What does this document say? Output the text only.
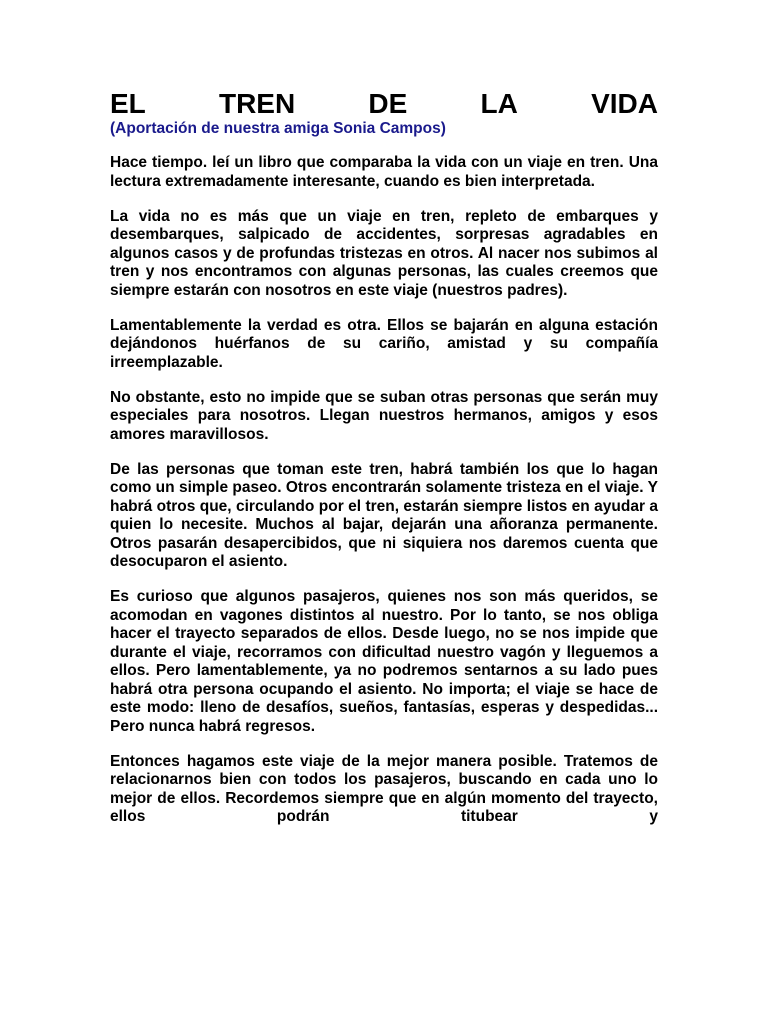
EL	TREN	DE	LA	VIDA

(Aportación de nuestra amiga Sonia Campos)

Hace tiempo. leí un libro que comparaba la vida con un viaje en tren. Una lectura extremadamente interesante, cuando es bien interpretada.

La vida no es más que un viaje en tren, repleto de embarques y desembarques, salpicado de accidentes, sorpresas agradables en algunos casos y de profundas tristezas en otros. Al nacer nos subimos al tren y nos encontramos con algunas personas, las cuales creemos que siempre estarán con nosotros en este viaje (nuestros padres).

Lamentablemente la verdad es otra. Ellos se bajarán en alguna estación dejándonos huérfanos de su cariño, amistad y su compañía irreemplazable.

No obstante, esto no impide que se suban otras personas que serán muy especiales para nosotros. Llegan nuestros hermanos, amigos y esos amores maravillosos.

De las personas que toman este tren, habrá también los que lo hagan como un simple paseo. Otros encontrarán solamente tristeza en el viaje. Y habrá otros que, circulando por el tren, estarán siempre listos en ayudar a quien lo necesite. Muchos al bajar, dejarán una añoranza permanente. Otros pasarán desapercibidos, que ni siquiera nos daremos cuenta que desocuparon el asiento.

Es curioso que algunos pasajeros, quienes nos son más queridos, se acomodan en vagones distintos al nuestro. Por lo tanto, se nos obliga hacer el trayecto separados de ellos. Desde luego, no se nos impide que durante el viaje, recorramos con dificultad nuestro vagón y lleguemos a ellos. Pero lamentablemente, ya no podremos sentarnos a su lado pues habrá otra persona ocupando el asiento. No importa; el viaje se hace de este modo: lleno de desafíos, sueños, fantasías, esperas y despedidas... Pero nunca habrá regresos.

Entonces hagamos este viaje de la mejor manera posible. Tratemos de relacionarnos bien con todos los pasajeros, buscando en cada uno lo mejor de ellos. Recordemos siempre que en algún momento del trayecto, ellos podrán titubear y
